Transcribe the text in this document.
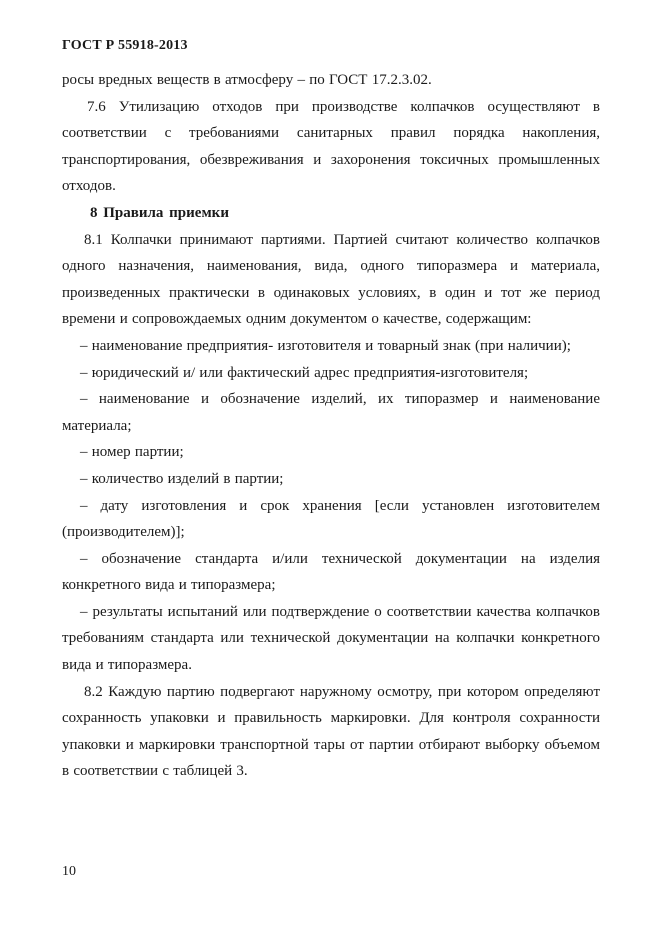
ГОСТ Р 55918-2013

росы вредных веществ в атмосферу – по ГОСТ 17.2.3.02.

7.6 Утилизацию отходов при производстве колпачков осуществляют в соответствии с требованиями санитарных правил порядка накопления, транспортирования, обезвреживания и захоронения токсичных промышленных отходов.

8 Правила приемки

8.1 Колпачки принимают партиями. Партией считают количество колпачков одного назначения, наименования, вида, одного типоразмера и материала, произведенных практически в одинаковых условиях, в один и тот же период времени и сопровождаемых одним документом о качестве, содержащим:

– наименование предприятия- изготовителя и товарный знак (при наличии);

– юридический и/ или фактический адрес предприятия-изготовителя;

– наименование и обозначение изделий, их типоразмер и наименование материала;

– номер партии;

– количество изделий в партии;

– дату изготовления и срок хранения [если установлен изготовителем (производителем)];

– обозначение стандарта и/или технической документации на изделия конкретного вида и типоразмера;

– результаты испытаний или подтверждение о соответствии качества колпачков требованиям стандарта или технической документации на колпачки конкретного вида и типоразмера.

8.2 Каждую партию подвергают наружному осмотру, при котором определяют сохранность упаковки и правильность маркировки. Для контроля сохранности упаковки и маркировки транспортной тары от партии отбирают выборку объемом в соответствии с таблицей 3.

10
